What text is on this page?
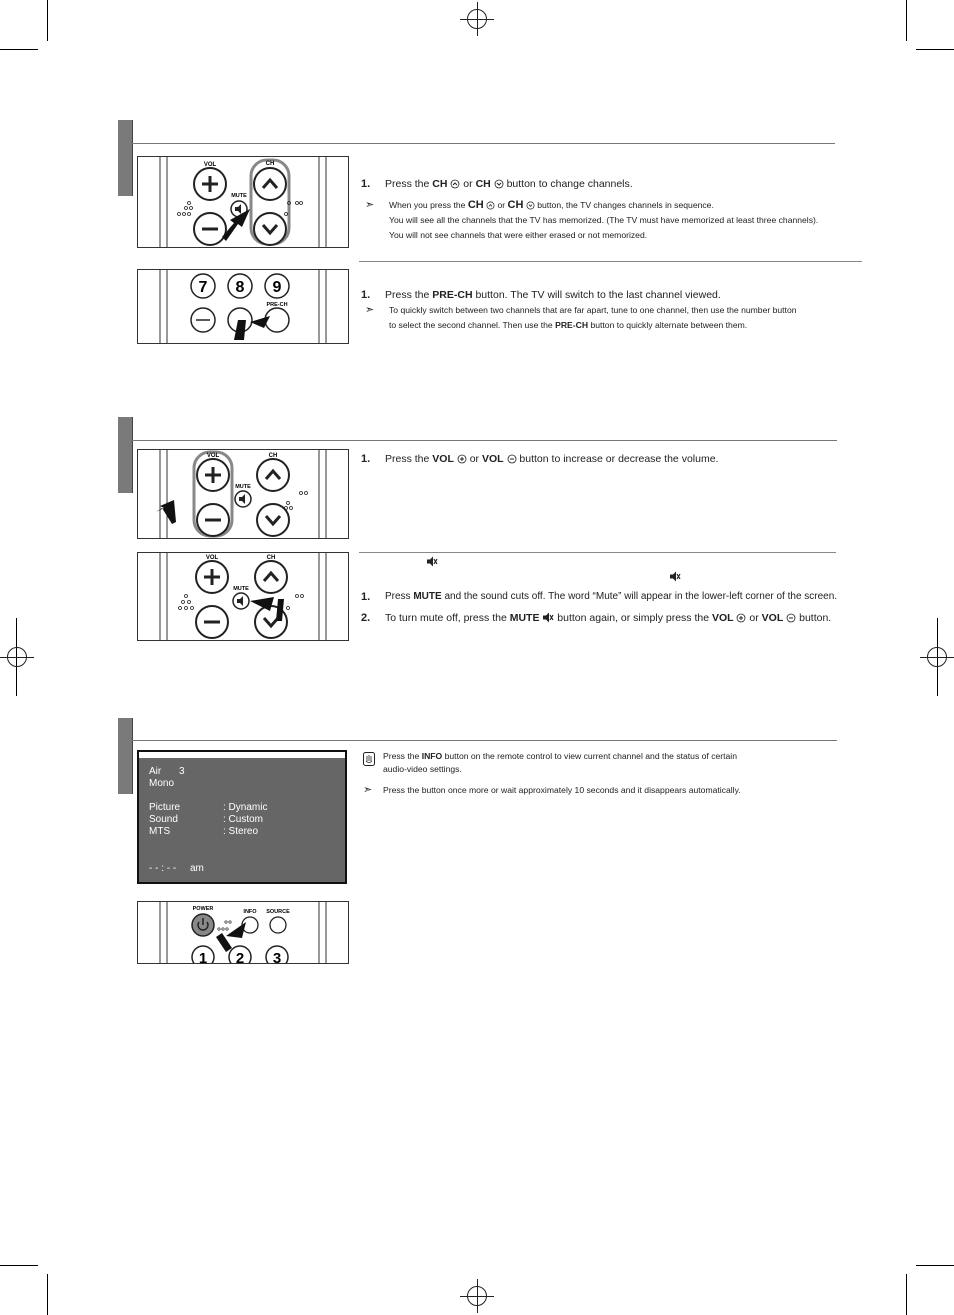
VOL	CH
MUTE
1. Press the CH or CH button to change channels.
➣ When you press the CH or CH button, the TV changes channels in sequence.
You will see all the channels that the TV has memorized. (The TV must have memorized at least three channels).
You will not see channels that were either erased or not memorized.
7 8 9
PRE-CH
1. Press the PRE-CH button. The TV will switch to the last channel viewed.
➣ To quickly switch between two channels that are far apart, tune to one channel, then use the number button
to select the second channel. Then use the PRE-CH button to quickly alternate between them.
VOL	CH
MUTE
1. Press the VOL or VOL button to increase or decrease the volume.
VOL	CH
MUTE
1. Press MUTE and the sound cuts off. The word “Mute” will appear in the lower-left corner of the screen.
2. To turn mute off, press the MUTE button again, or simply press the VOL or VOL button.
Air 3
Mono
Picture	: Dynamic
Sound	: Custom
MTS	: Stereo
- - : - - am
POWER	INFO SOURCE
1 2 3
Press the INFO button on the remote control to view current channel and the status of certain
audio-video settings.
➣ Press the button once more or wait approximately 10 seconds and it disappears automatically.
